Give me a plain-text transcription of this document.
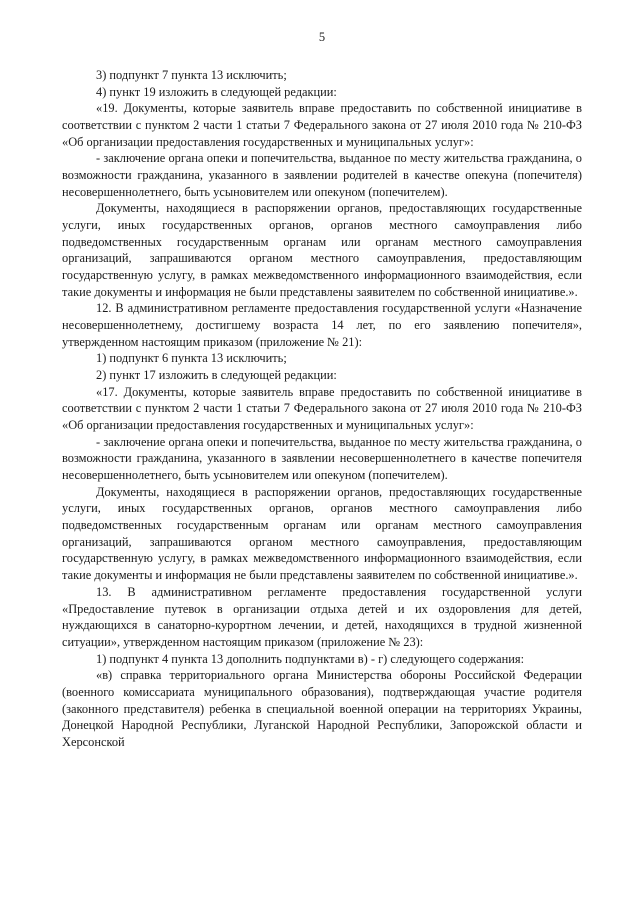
5

3) подпункт 7 пункта 13 исключить;

4) пункт 19 изложить в следующей редакции:

«19. Документы, которые заявитель вправе предоставить по собственной инициативе в соответствии с пунктом 2 части 1 статьи 7 Федерального закона от 27 июля 2010 года № 210-ФЗ «Об организации предоставления государственных и муниципальных услуг»:

- заключение органа опеки и попечительства, выданное по месту жительства гражданина, о возможности гражданина, указанного в заявлении родителей в качестве опекуна (попечителя) несовершеннолетнего, быть усыновителем или опекуном (попечителем).

Документы, находящиеся в распоряжении органов, предоставляющих государственные услуги, иных государственных органов, органов местного самоуправления либо подведомственных государственным органам или органам местного самоуправления организаций, запрашиваются органом местного самоуправления, предоставляющим государственную услугу, в рамках межведомственного информационного взаимодействия, если такие документы и информация не были представлены заявителем по собственной инициативе.».

12. В административном регламенте предоставления государственной услуги «Назначение несовершеннолетнему, достигшему возраста 14 лет, по его заявлению попечителя», утвержденном настоящим приказом (приложение № 21):

1) подпункт 6 пункта 13 исключить;

2) пункт 17 изложить в следующей редакции:

«17. Документы, которые заявитель вправе предоставить по собственной инициативе в соответствии с пунктом 2 части 1 статьи 7 Федерального закона от 27 июля 2010 года № 210-ФЗ «Об организации предоставления государственных и муниципальных услуг»:

- заключение органа опеки и попечительства, выданное по месту жительства гражданина, о возможности гражданина, указанного в заявлении несовершеннолетнего в качестве попечителя несовершеннолетнего, быть усыновителем или опекуном (попечителем).

Документы, находящиеся в распоряжении органов, предоставляющих государственные услуги, иных государственных органов, органов местного самоуправления либо подведомственных государственным органам или органам местного самоуправления организаций, запрашиваются органом местного самоуправления, предоставляющим государственную услугу, в рамках межведомственного информационного взаимодействия, если такие документы и информация не были представлены заявителем по собственной инициативе.».

13. В административном регламенте предоставления государственной услуги «Предоставление путевок в организации отдыха детей и их оздоровления для детей, нуждающихся в санаторно-курортном лечении, и детей, находящихся в трудной жизненной ситуации», утвержденном настоящим приказом (приложение № 23):

1) подпункт 4 пункта 13 дополнить подпунктами в) - г) следующего содержания:

«в) справка территориального органа Министерства обороны Российской Федерации (военного комиссариата муниципального образования), подтверждающая участие родителя (законного представителя) ребенка в специальной военной операции на территориях Украины, Донецкой Народной Республики, Луганской Народной Республики, Запорожской области и Херсонской
